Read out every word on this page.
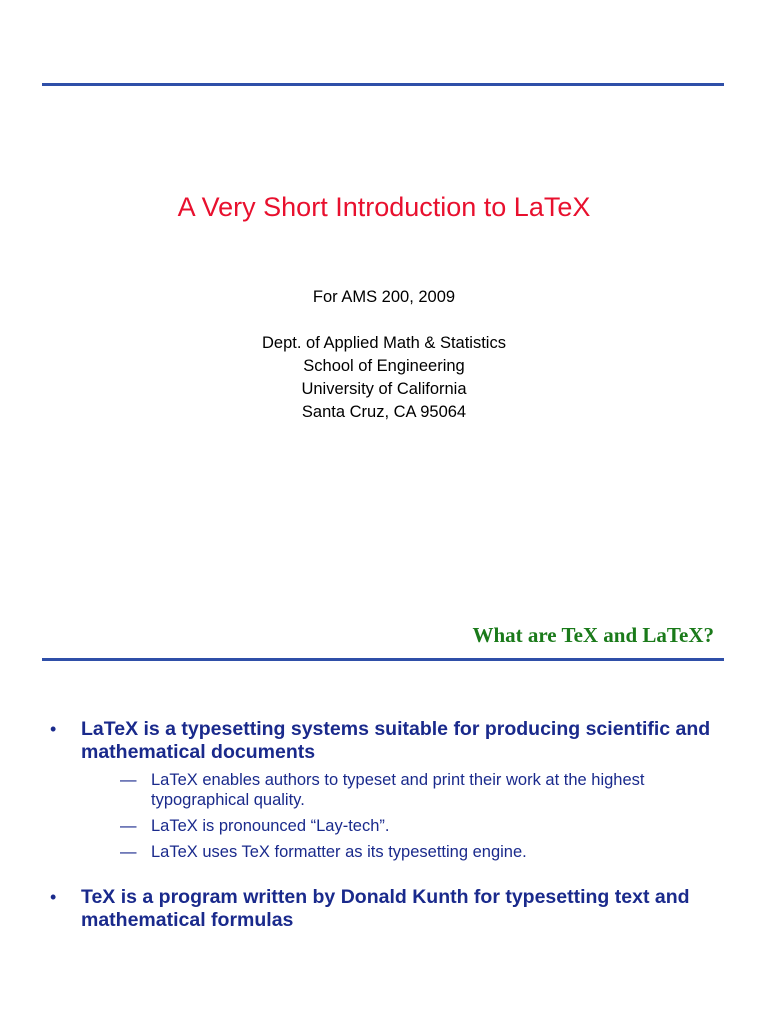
A Very Short Introduction to LaTeX
For AMS 200, 2009
Dept. of Applied Math & Statistics
School of Engineering
University of California
Santa Cruz, CA 95064
What are TeX and LaTeX?
• LaTeX is a typesetting systems suitable for producing scientific and mathematical documents
— LaTeX enables authors to typeset and print their work at the highest typographical quality.
— LaTeX is pronounced “Lay-tech”.
— LaTeX uses TeX formatter as its typesetting engine.
• TeX is a program written by Donald Kunth for typesetting text and mathematical formulas
